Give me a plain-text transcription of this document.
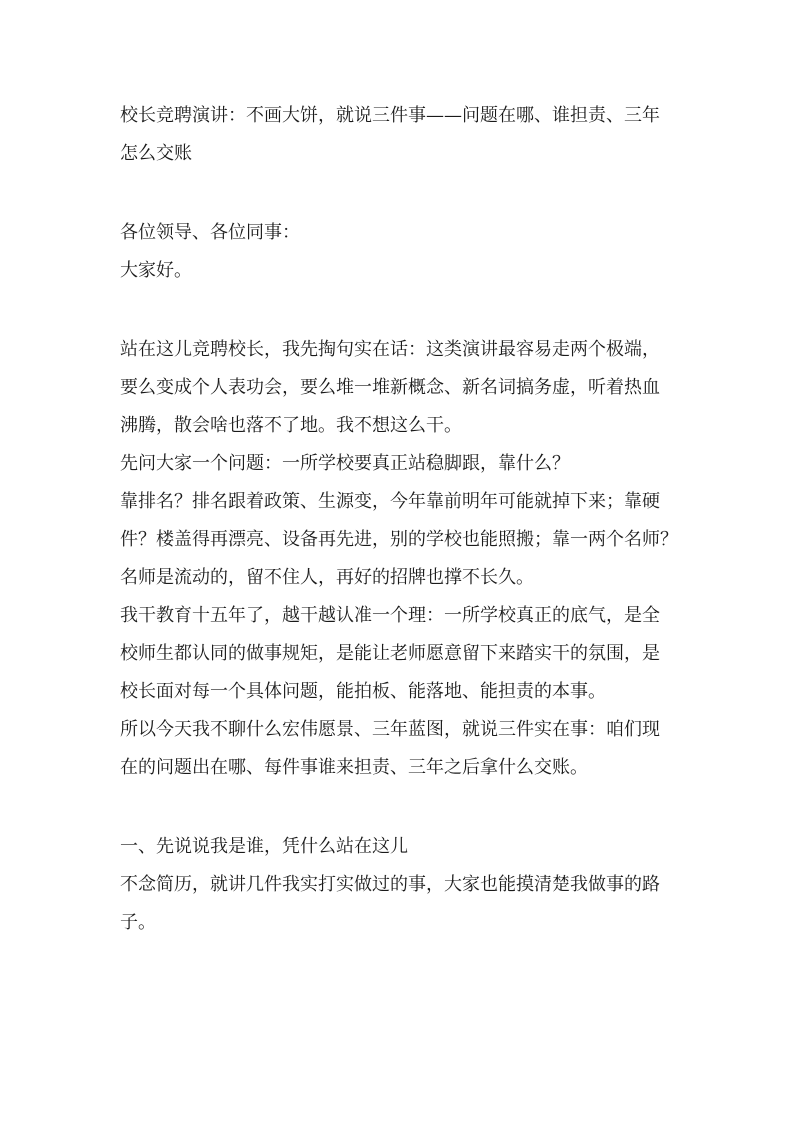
校长竞聘演讲：不画大饼，就说三件事——问题在哪、谁担责、三年
怎么交账
各位领导、各位同事：
大家好。
站在这儿竞聘校长，我先掏句实在话：这类演讲最容易走两个极端，
要么变成个人表功会，要么堆一堆新概念、新名词搞务虚，听着热血
沸腾，散会啥也落不了地。我不想这么干。
先问大家一个问题：一所学校要真正站稳脚跟，靠什么？
靠排名？排名跟着政策、生源变，今年靠前明年可能就掉下来；靠硬
件？楼盖得再漂亮、设备再先进，别的学校也能照搬；靠一两个名师？
名师是流动的，留不住人，再好的招牌也撑不长久。
我干教育十五年了，越干越认准一个理：一所学校真正的底气，是全
校师生都认同的做事规矩，是能让老师愿意留下来踏实干的氛围，是
校长面对每一个具体问题，能拍板、能落地、能担责的本事。
所以今天我不聊什么宏伟愿景、三年蓝图，就说三件实在事：咱们现
在的问题出在哪、每件事谁来担责、三年之后拿什么交账。
一、先说说我是谁，凭什么站在这儿
不念简历，就讲几件我实打实做过的事，大家也能摸清楚我做事的路
子。
